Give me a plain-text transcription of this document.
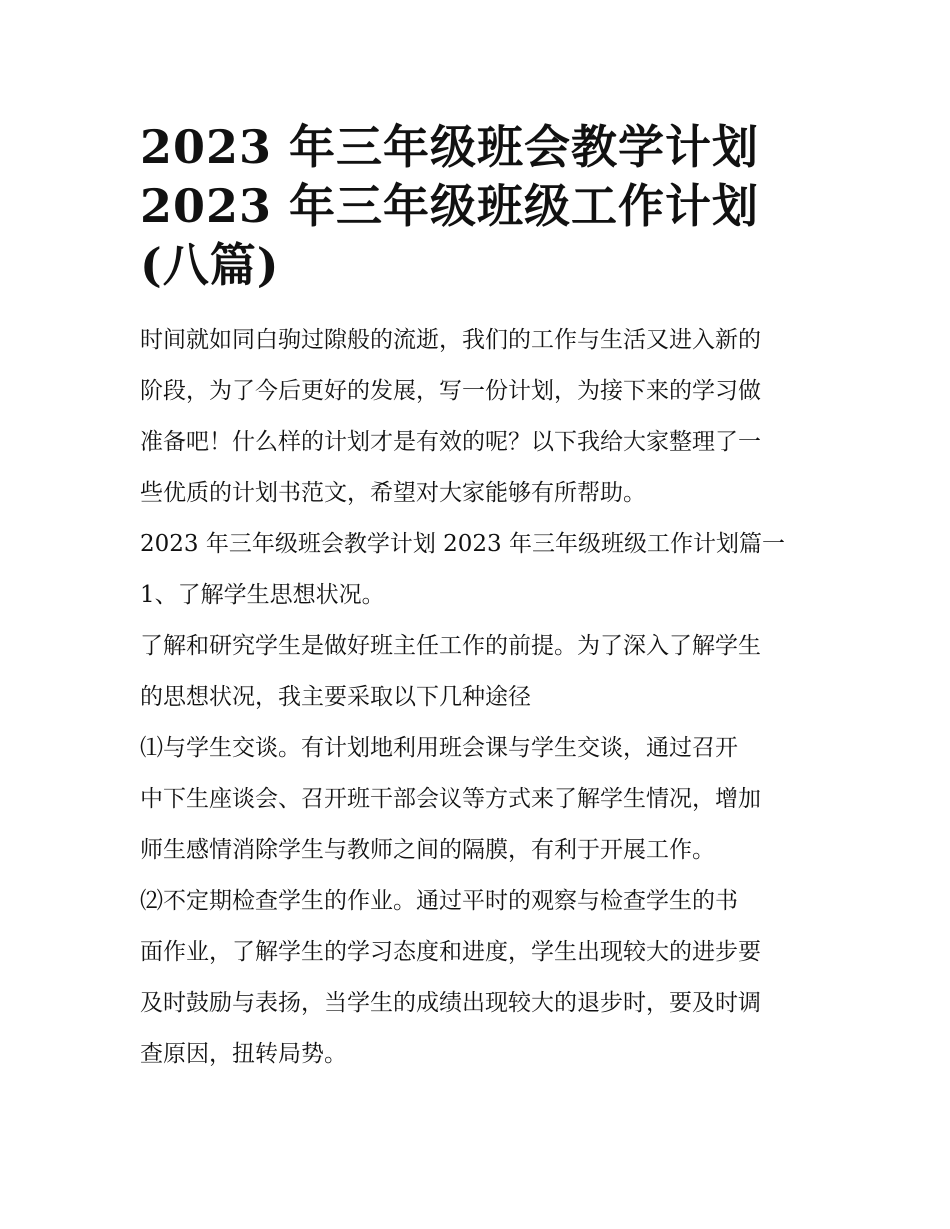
2023 年三年级班会教学计划
2023 年三年级班级工作计划
(八篇)
时间就如同白驹过隙般的流逝，我们的工作与生活又进入新的
阶段，为了今后更好的发展，写一份计划，为接下来的学习做
准备吧！什么样的计划才是有效的呢？以下我给大家整理了一
些优质的计划书范文，希望对大家能够有所帮助。
2023 年三年级班会教学计划 2023 年三年级班级工作计划篇一
1、了解学生思想状况。
了解和研究学生是做好班主任工作的前提。为了深入了解学生
的思想状况，我主要采取以下几种途径
⑴与学生交谈。有计划地利用班会课与学生交谈，通过召开
中下生座谈会、召开班干部会议等方式来了解学生情况，增加
师生感情消除学生与教师之间的隔膜，有利于开展工作。
⑵不定期检查学生的作业。通过平时的观察与检查学生的书
面作业，了解学生的学习态度和进度，学生出现较大的进步要
及时鼓励与表扬，当学生的成绩出现较大的退步时，要及时调
查原因，扭转局势。
